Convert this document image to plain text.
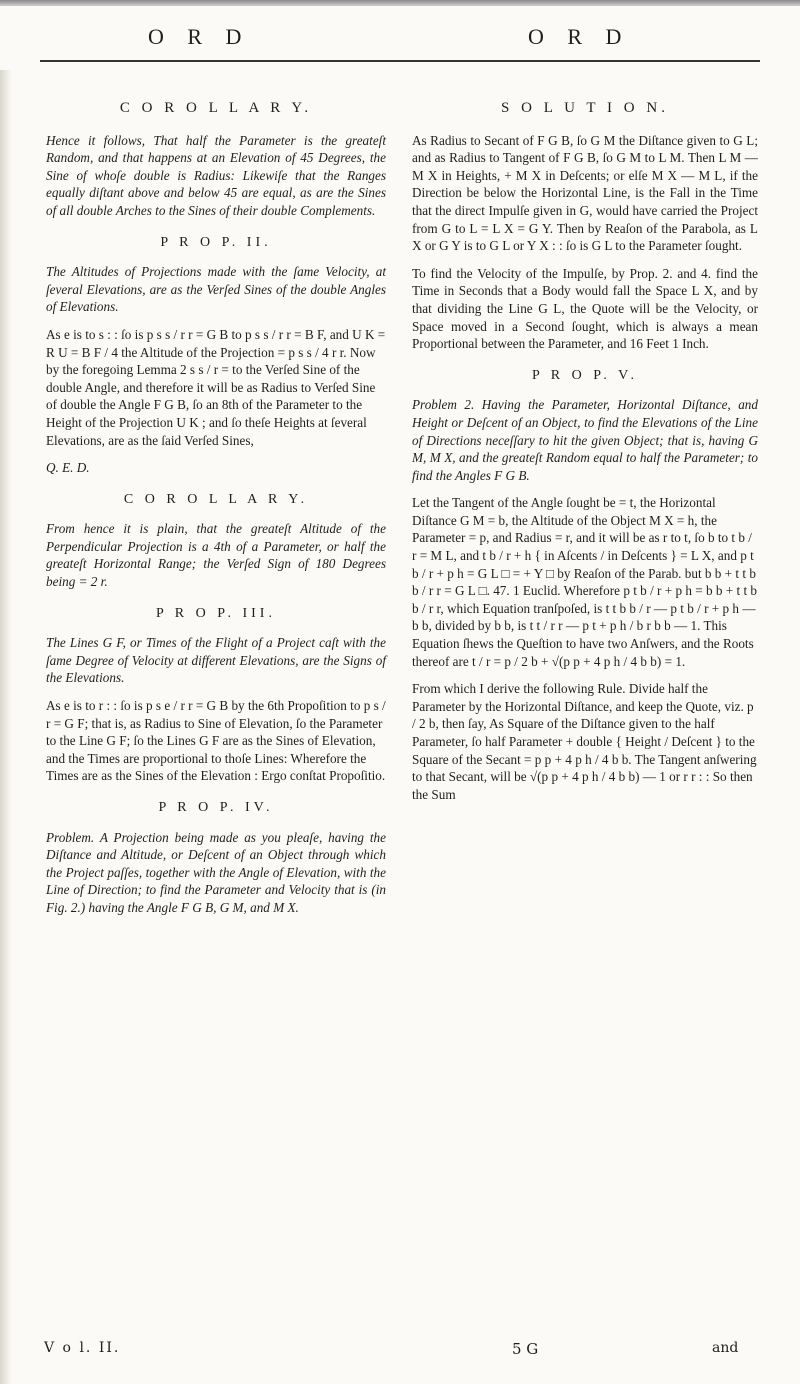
O R D	O R D
C O R O L L A R Y.

Hence it follows, That half the Parameter is the greateſt Random, and that happens at an Elevation of 45 Degrees, the Sine of whoſe double is Radius: Likewiſe that the Ranges equally diſtant above and below 45 are equal, as are the Sines of all double Arches to the Sines of their double Complements.

P R O P. II.

The Altitudes of Projections made with the ſame Velocity, at ſeveral Elevations, are as the Verſed Sines of the double Angles of Elevations.

As e is to s : : ſo is p s s / r r = G B to p s s / r r = B F, and U K = R U = B F / 4 the Altitude of the Projection = p s s / 4 r r. Now by the foregoing Lemma 2 s s / r = to the Verſed Sine of the double Angle, and therefore it will be as Radius to Verſed Sine of double the Angle F G B, ſo an 8th of the Parameter to the Height of the Projection U K ; and ſo theſe Heights at ſeveral Elevations, are as the ſaid Verſed Sines,

Q. E. D.

C O R O L L A R Y.

From hence it is plain, that the greateſt Altitude of the Perpendicular Projection is a 4th of a Parameter, or half the greateſt Horizontal Range; the Verſed Sign of 180 Degrees being = 2 r.

P R O P. III.

The Lines G F, or Times of the Flight of a Project caſt with the ſame Degree of Velocity at different Elevations, are the Signs of the Elevations.

As e is to r : : ſo is p s e / r r = G B by the 6th Propoſition to p s / r = G F; that is, as Radius to Sine of Elevation, ſo the Parameter to the Line G F; ſo the Lines G F are as the Sines of Elevation, and the Times are proportional to thoſe Lines: Wherefore the Times are as the Sines of the Elevation : Ergo conſtat Propoſitio.

P R O P. IV.

Problem. A Projection being made as you pleaſe, having the Diſtance and Altitude, or Deſcent of an Object through which the Project paſſes, together with the Angle of Elevation, with the Line of Direction; to find the Parameter and Velocity that is (in Fig. 2.) having the Angle F G B, G M, and M X.

S O L U T I O N.

As Radius to Secant of F G B, ſo G M the Diſtance given to G L; and as Radius to Tangent of F G B, ſo G M to L M. Then L M — M X in Heights, + M X in Deſcents; or elſe M X — M L, if the Direction be below the Horizontal Line, is the Fall in the Time that the direct Impulſe given in G, would have carried the Project from G to L = L X = G Y. Then by Reaſon of the Parabola, as L X or G Y is to G L or Y X : : ſo is G L to the Parameter ſought.

To find the Velocity of the Impulſe, by Prop. 2. and 4. find the Time in Seconds that a Body would fall the Space L X, and by that dividing the Line G L, the Quote will be the Velocity, or Space moved in a Second ſought, which is always a mean Proportional between the Parameter, and 16 Feet 1 Inch.

P R O P. V.

Problem 2. Having the Parameter, Horizontal Diſtance, and Height or Deſcent of an Object, to find the Elevations of the Line of Directions neceſſary to hit the given Object; that is, having G M, M X, and the greateſt Random equal to half the Parameter; to find the Angles F G B.

Let the Tangent of the Angle ſought be = t, the Horizontal Diſtance G M = b, the Altitude of the Object M X = h, the Parameter = p, and Radius = r, and it will be as r to t, ſo b to t b / r = M L, and t b / r + h { in Aſcents / in Deſcents } = L X, and p t b / r + p h = G L □ = + Y □ by Reaſon of the Parab. but b b + t t b b / r r = G L □. 47. 1 Euclid. Wherefore p t b / r + p h = b b + t t b b / r r, which Equation tranſpoſed, is t t b b / r — p t b / r + p h — b b, divided by b b, is t t / r r — p t + p h / b r b b — 1. This Equation ſhews the Queſtion to have two Anſwers, and the Roots thereof are t / r = p / 2 b + √(p p + 4 p h / 4 b b) = 1.

From which I derive the following Rule. Divide half the Parameter by the Horizontal Diſtance, and keep the Quote, viz. p / 2 b, then ſay, As Square of the Diſtance given to the half Parameter, ſo half Parameter + double { Height / Deſcent } to the Square of the Secant = p p + 4 p h / 4 b b. The Tangent anſwering to that Secant, will be √(p p + 4 p h / 4 b b) — 1 or r r : : So then the Sum

V o l. II.	5 G	and
